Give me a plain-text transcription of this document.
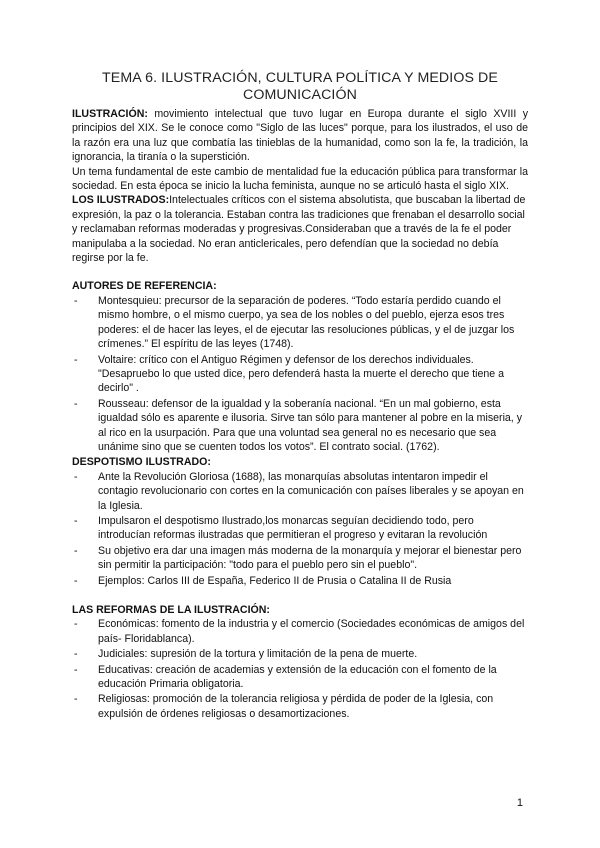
TEMA 6. ILUSTRACIÓN, CULTURA POLÍTICA Y MEDIOS DE COMUNICACIÓN

ILUSTRACIÓN: movimiento intelectual que tuvo lugar en Europa durante el siglo XVIII y principios del XIX. Se le conoce como "Siglo de las luces" porque, para los ilustrados, el uso de la razón era una luz que combatía las tinieblas de la humanidad, como son la fe, la tradición, la ignorancia, la tiranía o la superstición.

Un tema fundamental de este cambio de mentalidad fue la educación pública para transformar la sociedad. En esta época se inicio la lucha feminista, aunque no se articuló hasta el siglo XIX.

LOS ILUSTRADOS:Intelectuales críticos con el sistema absolutista, que buscaban la libertad de expresión, la paz o la tolerancia. Estaban contra las tradiciones que frenaban el desarrollo social y reclamaban reformas moderadas y progresivas.Consideraban que a través de la fe el poder manipulaba a la sociedad. No eran anticlericales, pero defendían que la sociedad no debía regirse por la fe.

AUTORES DE REFERENCIA:

- Montesquieu: precursor de la separación de poderes. “Todo estaría perdido cuando el mismo hombre, o el mismo cuerpo, ya sea de los nobles o del pueblo, ejerza esos tres poderes: el de hacer las leyes, el de ejecutar las resoluciones públicas, y el de juzgar los crímenes.” El espíritu de las leyes (1748).
- Voltaire: crítico con el Antiguo Régimen y defensor de los derechos individuales. "Desapruebo lo que usted dice, pero defenderá hasta la muerte el derecho que tiene a decirlo" .
- Rousseau: defensor de la igualdad y la soberanía nacional. “En un mal gobierno, esta igualdad sólo es aparente e ilusoria. Sirve tan sólo para mantener al pobre en la miseria, y al rico en la usurpación. Para que una voluntad sea general no es necesario que sea unánime sino que se cuenten todos los votos”. El contrato social. (1762).

DESPOTISMO ILUSTRADO:

- Ante la Revolución Gloriosa (1688), las monarquías absolutas intentaron impedir el contagio revolucionario con cortes en la comunicación con países liberales y se apoyan en la Iglesia.
- Impulsaron el despotismo Ilustrado,los monarcas seguían decidiendo todo, pero introducían reformas ilustradas que permitieran el progreso y evitaran la revolución
- Su objetivo era dar una imagen más moderna de la monarquía y mejorar el bienestar pero sin permitir la participación: "todo para el pueblo pero sin el pueblo".
- Ejemplos: Carlos III de España, Federico II de Prusia o Catalina II de Rusia

LAS REFORMAS DE LA ILUSTRACIÓN:

- Económicas: fomento de la industria y el comercio (Sociedades económicas de amigos del país- Floridablanca).
- Judiciales: supresión de la tortura y limitación de la pena de muerte.
- Educativas: creación de academias y extensión de la educación con el fomento de la educación Primaria obligatoria.
- Religiosas: promoción de la tolerancia religiosa y pérdida de poder de la Iglesia, con expulsión de órdenes religiosas o desamortizaciones.
1
